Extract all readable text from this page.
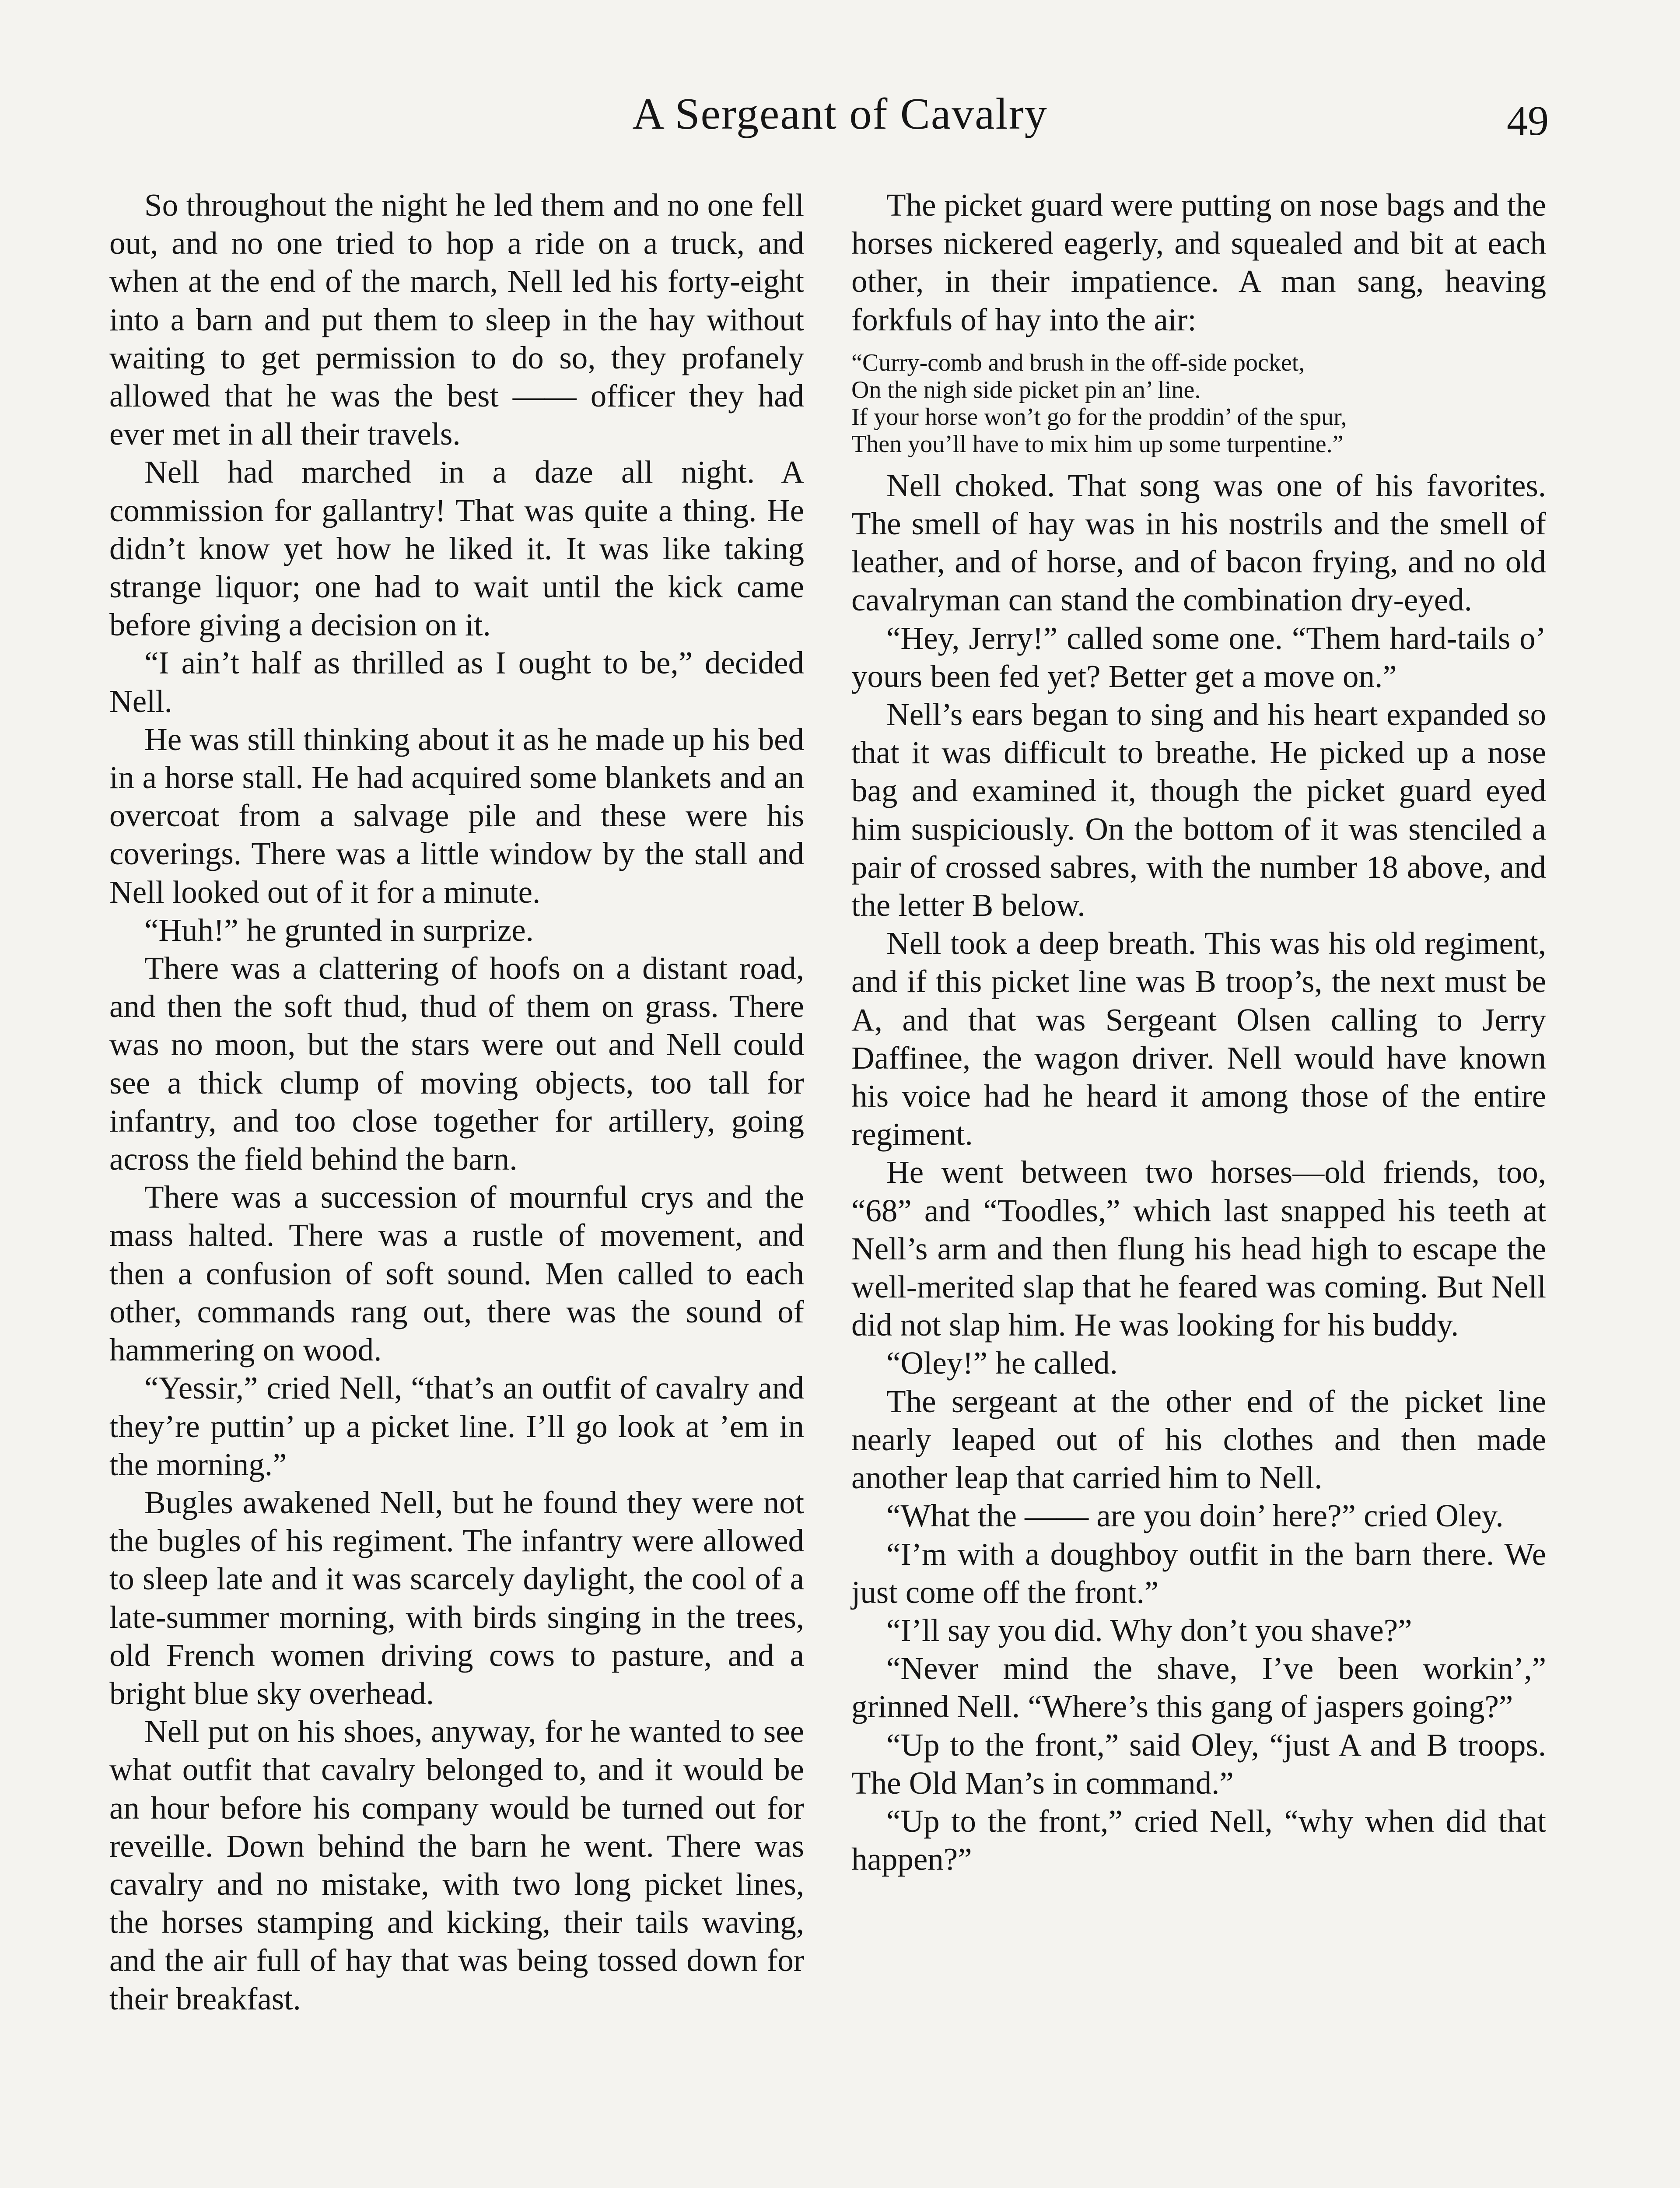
A Sergeant of Cavalry	49

So throughout the night he led them and no one fell out, and no one tried to hop a ride on a truck, and when at the end of the march, Nell led his forty-eight into a barn and put them to sleep in the hay without waiting to get permission to do so, they profanely allowed that he was the best —— officer they had ever met in all their travels.

Nell had marched in a daze all night. A commission for gallantry! That was quite a thing. He didn’t know yet how he liked it. It was like taking strange liquor; one had to wait until the kick came before giving a decision on it.

“I ain’t half as thrilled as I ought to be,” decided Nell.

He was still thinking about it as he made up his bed in a horse stall. He had acquired some blankets and an overcoat from a salvage pile and these were his coverings. There was a little window by the stall and Nell looked out of it for a minute.

“Huh!” he grunted in surprize.

There was a clattering of hoofs on a distant road, and then the soft thud, thud of them on grass. There was no moon, but the stars were out and Nell could see a thick clump of moving objects, too tall for infantry, and too close together for artillery, going across the field behind the barn.

There was a succession of mournful crys and the mass halted. There was a rustle of movement, and then a confusion of soft sound. Men called to each other, commands rang out, there was the sound of hammering on wood.

“Yessir,” cried Nell, “that’s an outfit of cavalry and they’re puttin’ up a picket line. I’ll go look at ’em in the morning.”

Bugles awakened Nell, but he found they were not the bugles of his regiment. The infantry were allowed to sleep late and it was scarcely daylight, the cool of a late-summer morning, with birds singing in the trees, old French women driving cows to pasture, and a bright blue sky overhead.

Nell put on his shoes, anyway, for he wanted to see what outfit that cavalry belonged to, and it would be an hour before his company would be turned out for reveille. Down behind the barn he went. There was cavalry and no mistake, with two long picket lines, the horses stamping and kicking, their tails waving, and the air full of hay that was being tossed down for their breakfast.

The picket guard were putting on nose bags and the horses nickered eagerly, and squealed and bit at each other, in their impatience. A man sang, heaving forkfuls of hay into the air:

“Curry-comb and brush in the off-side pocket,
On the nigh side picket pin an’ line.
If your horse won’t go for the proddin’ of the spur,
Then you’ll have to mix him up some turpentine.”

Nell choked. That song was one of his favorites. The smell of hay was in his nostrils and the smell of leather, and of horse, and of bacon frying, and no old cavalryman can stand the combination dry-eyed.

“Hey, Jerry!” called some one. “Them hard-tails o’ yours been fed yet? Better get a move on.”

Nell’s ears began to sing and his heart expanded so that it was difficult to breathe. He picked up a nose bag and examined it, though the picket guard eyed him suspiciously. On the bottom of it was stenciled a pair of crossed sabres, with the number 18 above, and the letter B below.

Nell took a deep breath. This was his old regiment, and if this picket line was B troop’s, the next must be A, and that was Sergeant Olsen calling to Jerry Daffinee, the wagon driver. Nell would have known his voice had he heard it among those of the entire regiment.

He went between two horses—old friends, too, “68” and “Toodles,” which last snapped his teeth at Nell’s arm and then flung his head high to escape the well-merited slap that he feared was coming. But Nell did not slap him. He was looking for his buddy.

“Oley!” he called.

The sergeant at the other end of the picket line nearly leaped out of his clothes and then made another leap that carried him to Nell.

“What the —— are you doin’ here?” cried Oley.

“I’m with a doughboy outfit in the barn there. We just come off the front.”

“I’ll say you did. Why don’t you shave?”

“Never mind the shave, I’ve been workin’,” grinned Nell. “Where’s this gang of jaspers going?”

“Up to the front,” said Oley, “just A and B troops. The Old Man’s in command.”

“Up to the front,” cried Nell, “why when did that happen?”
